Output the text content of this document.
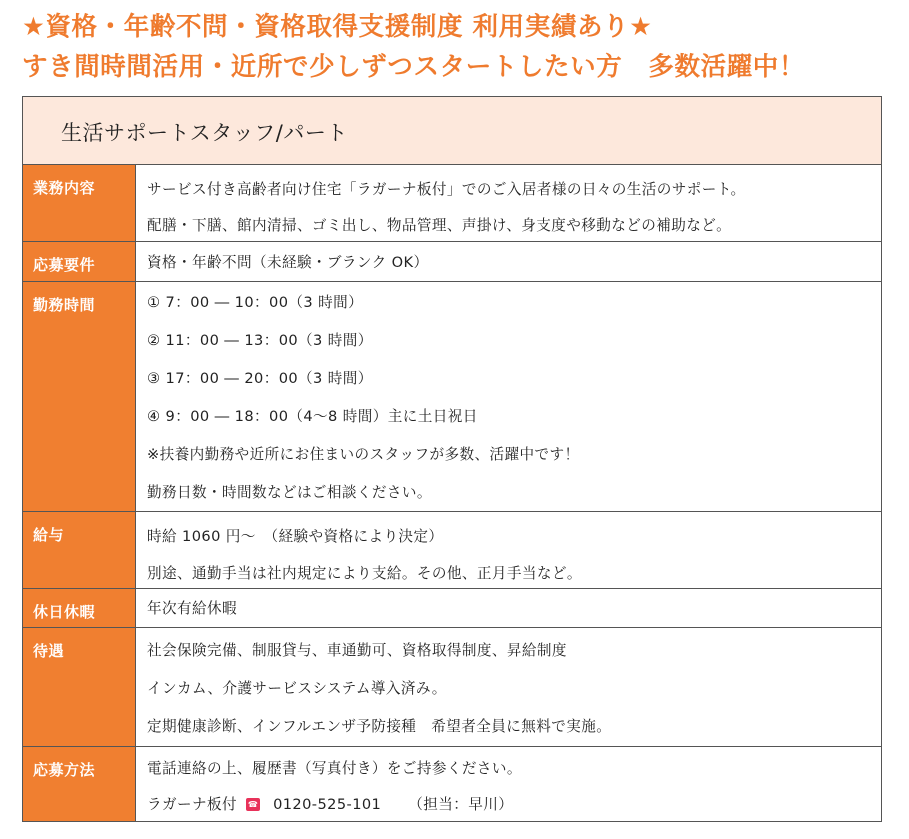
★資格・年齢不問・資格取得支援制度 利用実績あり★
すき間時間活用・近所で少しずつスタートしたい方　多数活躍中！
生活サポートスタッフ/パート
業務内容	サービス付き高齢者向け住宅「ラガーナ板付」でのご入居者様の日々の生活のサポート。
配膳・下膳、館内清掃、ゴミ出し、物品管理、声掛け、身支度や移動などの補助など。
応募要件	資格・年齢不問（未経験・ブランク OK）
勤務時間	① 7：00 ― 10：00（3 時間）
② 11：00 ― 13：00（3 時間）
③ 17：00 ― 20：00（3 時間）
④ 9：00 ― 18：00（4～8 時間）主に土日祝日
※扶養内勤務や近所にお住まいのスタッフが多数、活躍中です！
勤務日数・時間数などはご相談ください。
給与	時給 1060 円～　（経験や資格により決定）
別途、通勤手当は社内規定により支給。その他、正月手当など。
休日休暇	年次有給休暇
待遇	社会保険完備、制服貸与、車通勤可、資格取得制度、昇給制度
インカム、介護サービスシステム導入済み。
定期健康診断、インフルエンザ予防接種　希望者全員に無料で実施。
応募方法	電話連絡の上、履歴書（写真付き）をご持参ください。
ラガーナ板付 ☎ 0120-525-101 （担当：早川）
